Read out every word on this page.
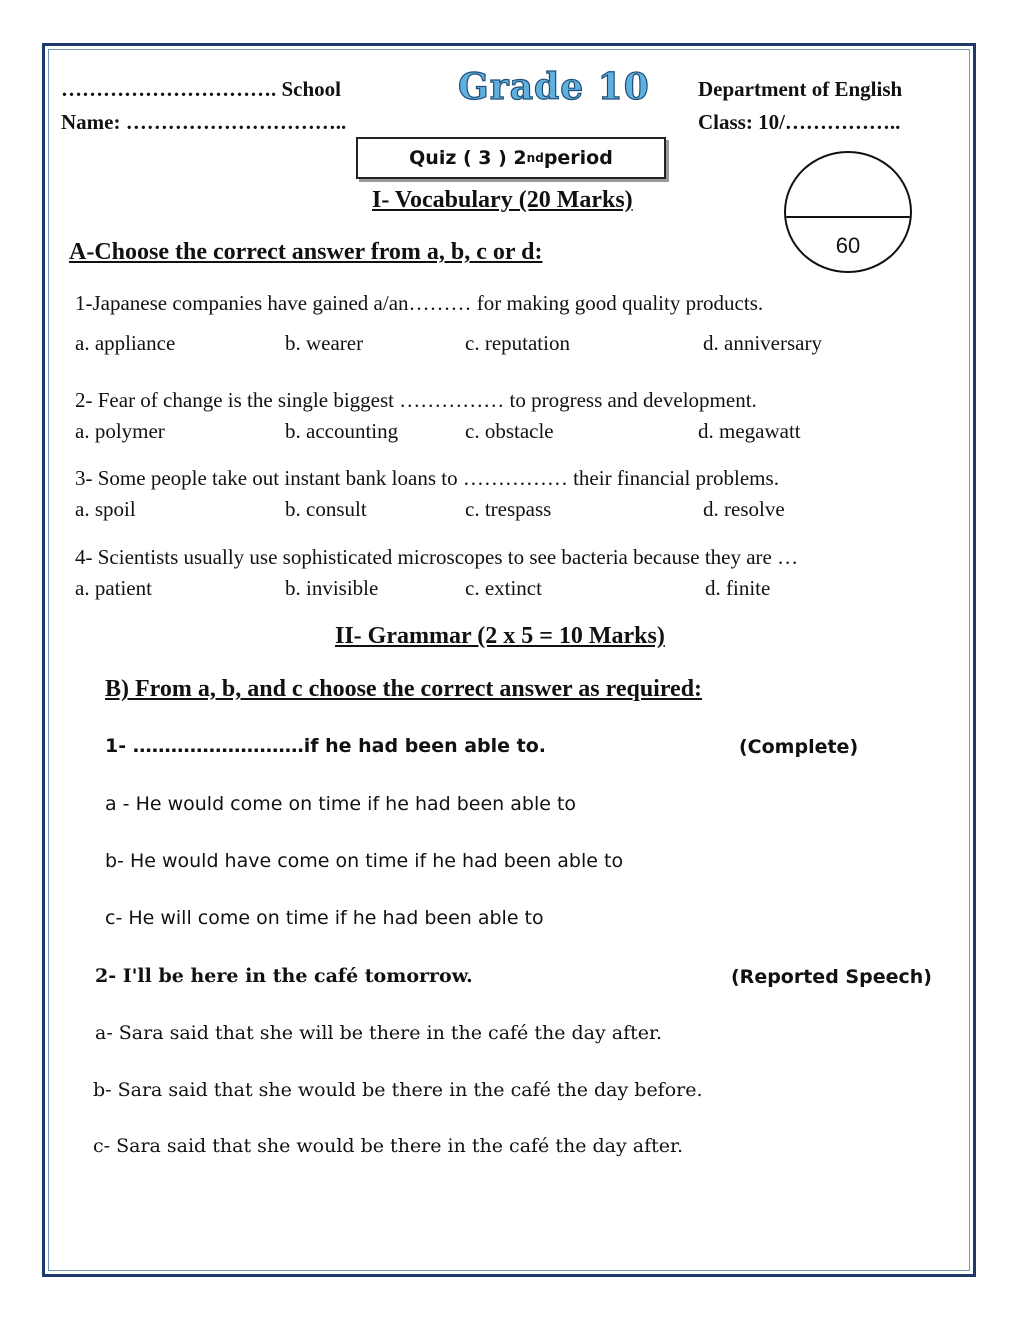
…………………………. School
Name: …………………………..
Grade 10 Department of English
Class: 10/……………..
Quiz ( 3 ) 2 nd period
60
I- Vocabulary (20 Marks)
A-Choose the correct answer from a, b, c or d:
1-Japanese companies have gained a/an……… for making good quality products.
a. appliance	b. wearer	c. reputation	d. anniversary
2- Fear of change is the single biggest …………… to progress and development.
a. polymer	b. accounting	c. obstacle	d. megawatt
3- Some people take out instant bank loans to …………… their financial problems.
a. spoil	b. consult	c. trespass	d. resolve
4- Scientists usually use sophisticated microscopes to see bacteria because they are …
a. patient	b. invisible	c. extinct	d. finite
II- Grammar (2 x 5 = 10 Marks)
B) From a, b, and c choose the correct answer as required:
1- ………………………if he had been able to.	(Complete)
a - He would come on time if he had been able to
b- He would have come on time if he had been able to
c- He will come on time if he had been able to
2- I'll be here in the café tomorrow.	(Reported Speech)
a- Sara said that she will be there in the café the day after.
b- Sara said that she would be there in the café the day before.
c- Sara said that she would be there in the café the day after.
